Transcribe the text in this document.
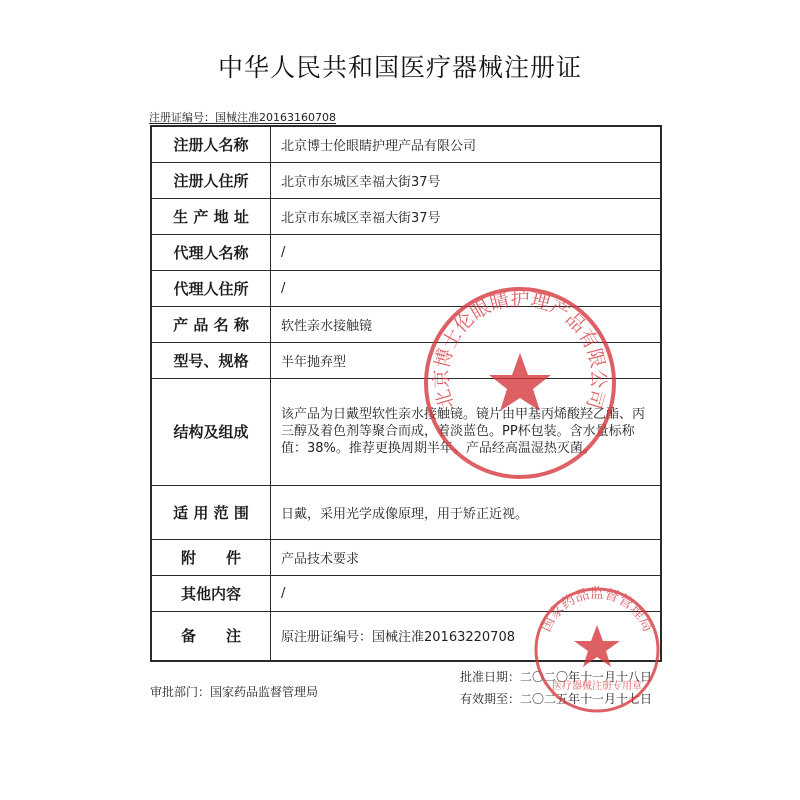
中华人民共和国医疗器械注册证
注册证编号：国械注准20163160708
注册人名称	北京博士伦眼睛护理产品有限公司
注册人住所	北京市东城区幸福大街37号
生 产 地 址	北京市东城区幸福大街37号
代理人名称	/
代理人住所	/
产 品 名 称	软性亲水接触镜
型号、规格	半年抛弃型
结构及组成	该产品为日戴型软性亲水接触镜。镜片由甲基丙烯酸羟乙酯、丙三醇及着色剂等聚合而成，着淡蓝色。PP杯包装。含水量标称值：38%。推荐更换周期半年。产品经高温湿热灭菌。
适 用 范 围	日戴，采用光学成像原理，用于矫正近视。
附　　件	产品技术要求
其他内容	/
备　　注	原注册证编号：国械注准20163220708
审批部门：国家药品监督管理局
批准日期：二〇二〇年十一月十八日
有效期至：二〇二五年十一月十七日
北京博士伦眼睛护理产品有限公司
国家药品监督管理局
医疗器械注册专用章
